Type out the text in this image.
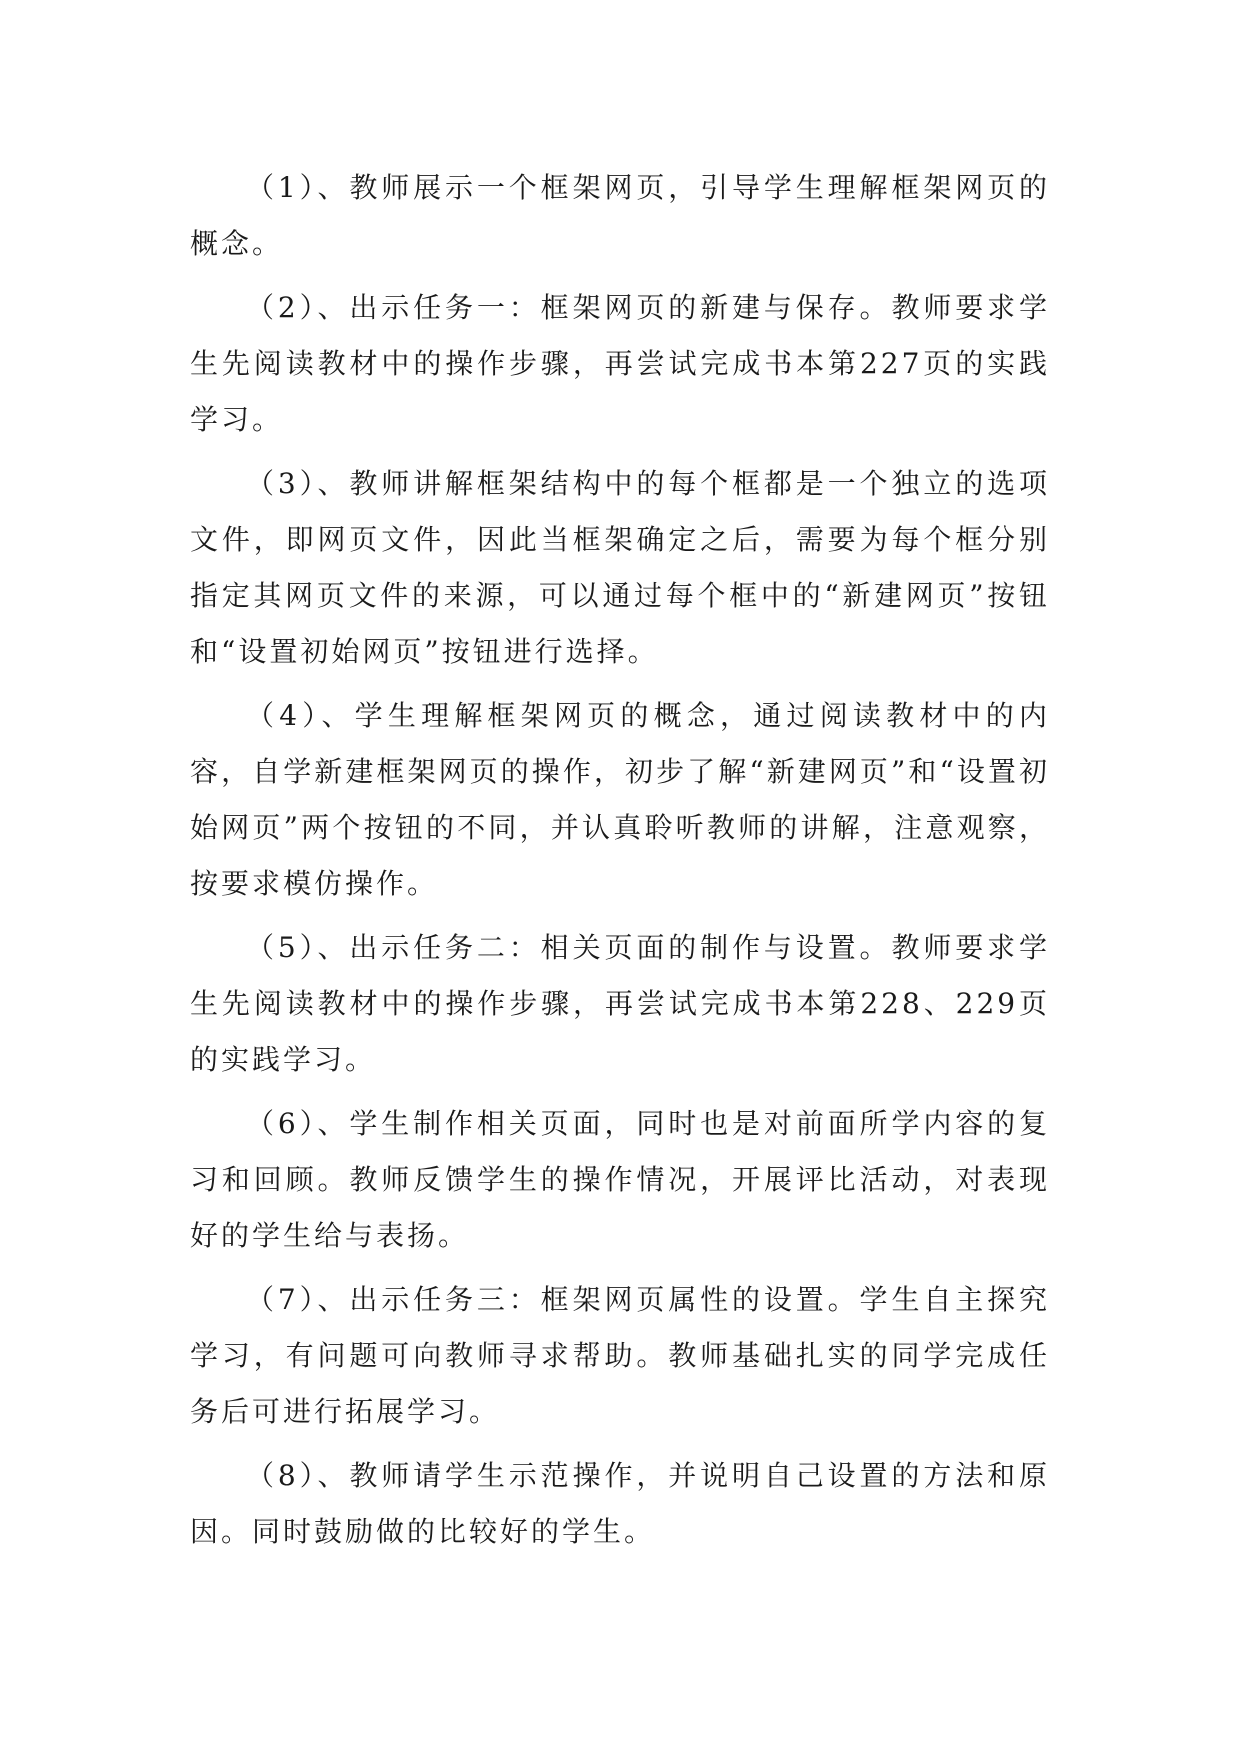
（1）、教师展示一个框架网页，引导学生理解框架网页的概念。

（2）、出示任务一：框架网页的新建与保存。教师要求学生先阅读教材中的操作步骤，再尝试完成书本第227页的实践学习。

（3）、教师讲解框架结构中的每个框都是一个独立的选项文件，即网页文件，因此当框架确定之后，需要为每个框分别指定其网页文件的来源，可以通过每个框中的“新建网页”按钮和“设置初始网页”按钮进行选择。

（4）、学生理解框架网页的概念，通过阅读教材中的内容，自学新建框架网页的操作，初步了解“新建网页”和“设置初始网页”两个按钮的不同，并认真聆听教师的讲解，注意观察，按要求模仿操作。

（5）、出示任务二：相关页面的制作与设置。教师要求学生先阅读教材中的操作步骤，再尝试完成书本第228、229页的实践学习。

（6）、学生制作相关页面，同时也是对前面所学内容的复习和回顾。教师反馈学生的操作情况，开展评比活动，对表现好的学生给与表扬。

（7）、出示任务三：框架网页属性的设置。学生自主探究学习，有问题可向教师寻求帮助。教师基础扎实的同学完成任务后可进行拓展学习。

（8）、教师请学生示范操作，并说明自己设置的方法和原因。同时鼓励做的比较好的学生。
